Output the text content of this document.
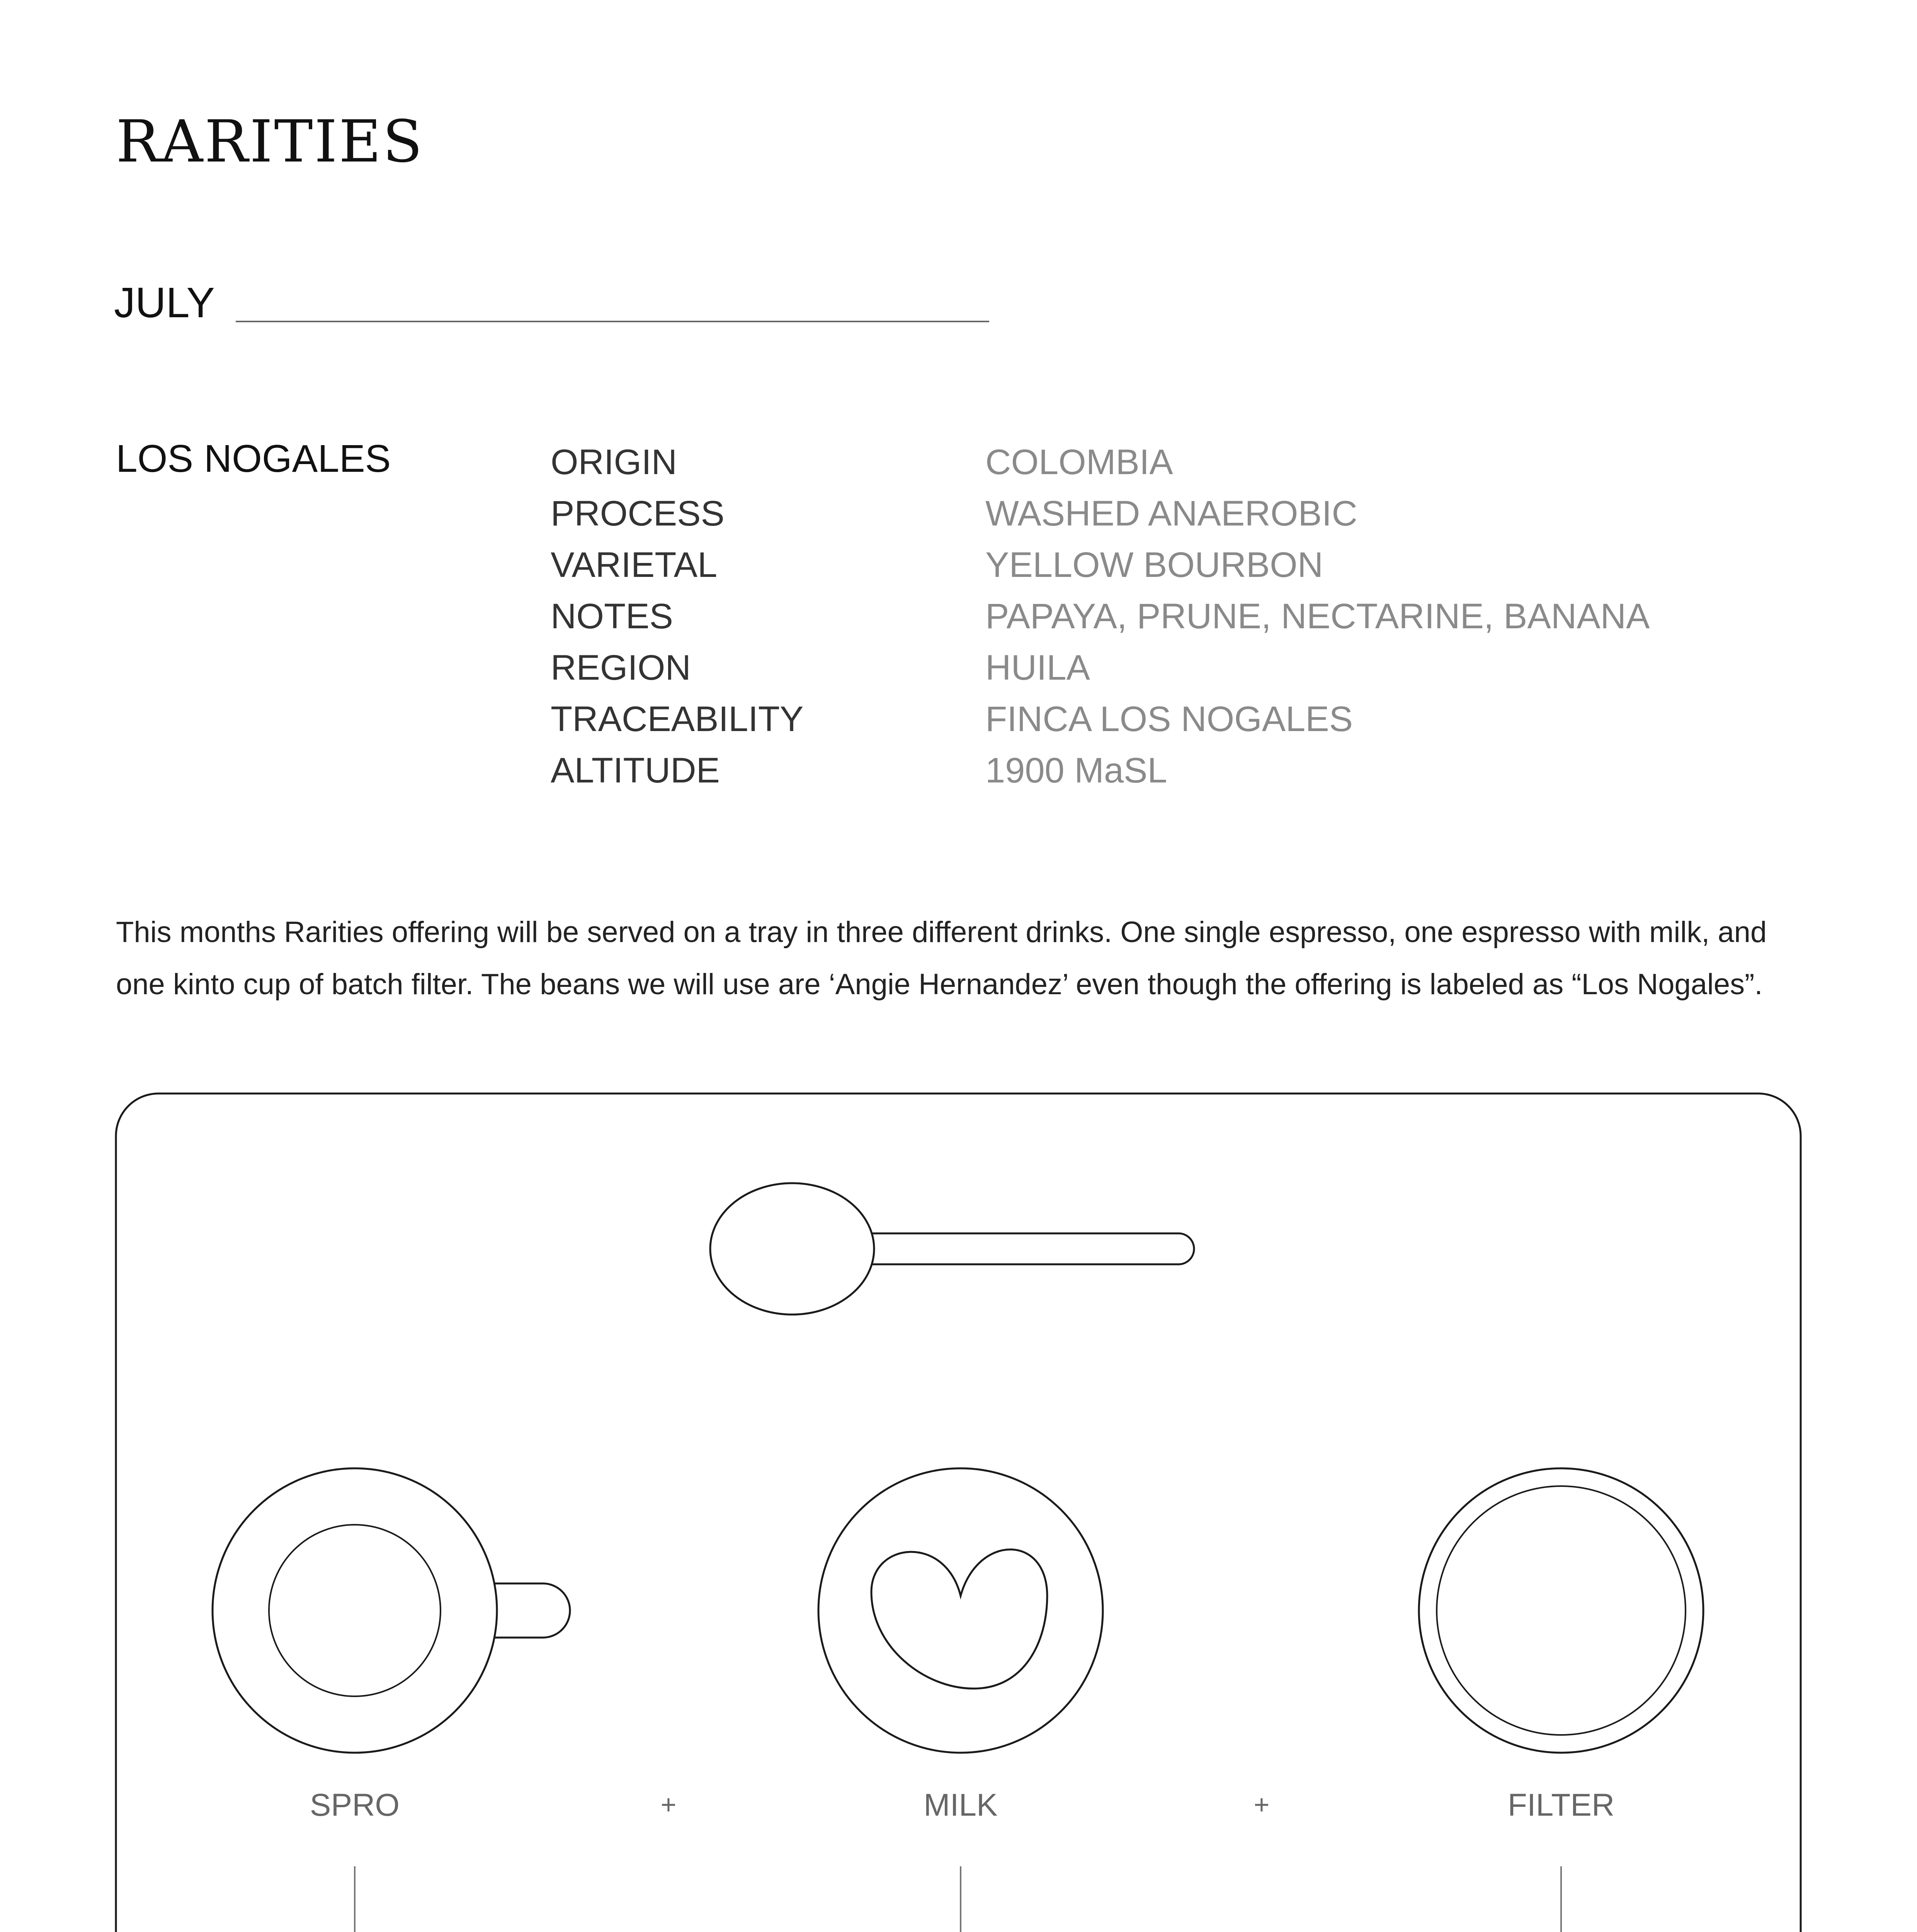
RARITIES
JULY
LOS NOGALES	ORIGIN	COLOMBIA
PROCESS	WASHED ANAEROBIC
VARIETAL	YELLOW BOURBON
NOTES	PAPAYA, PRUNE, NECTARINE, BANANA
REGION	HUILA
TRACEABILITY	FINCA LOS NOGALES
ALTITUDE	1900 MaSL
This months Rarities offering will be served on a tray in three different drinks. One single espresso, one espresso with milk, and
one kinto cup of batch filter. The beans we will use are ‘Angie Hernandez’ even though the offering is labeled as “Los Nogales”.
SPRO	+	MILK	+	FILTER
